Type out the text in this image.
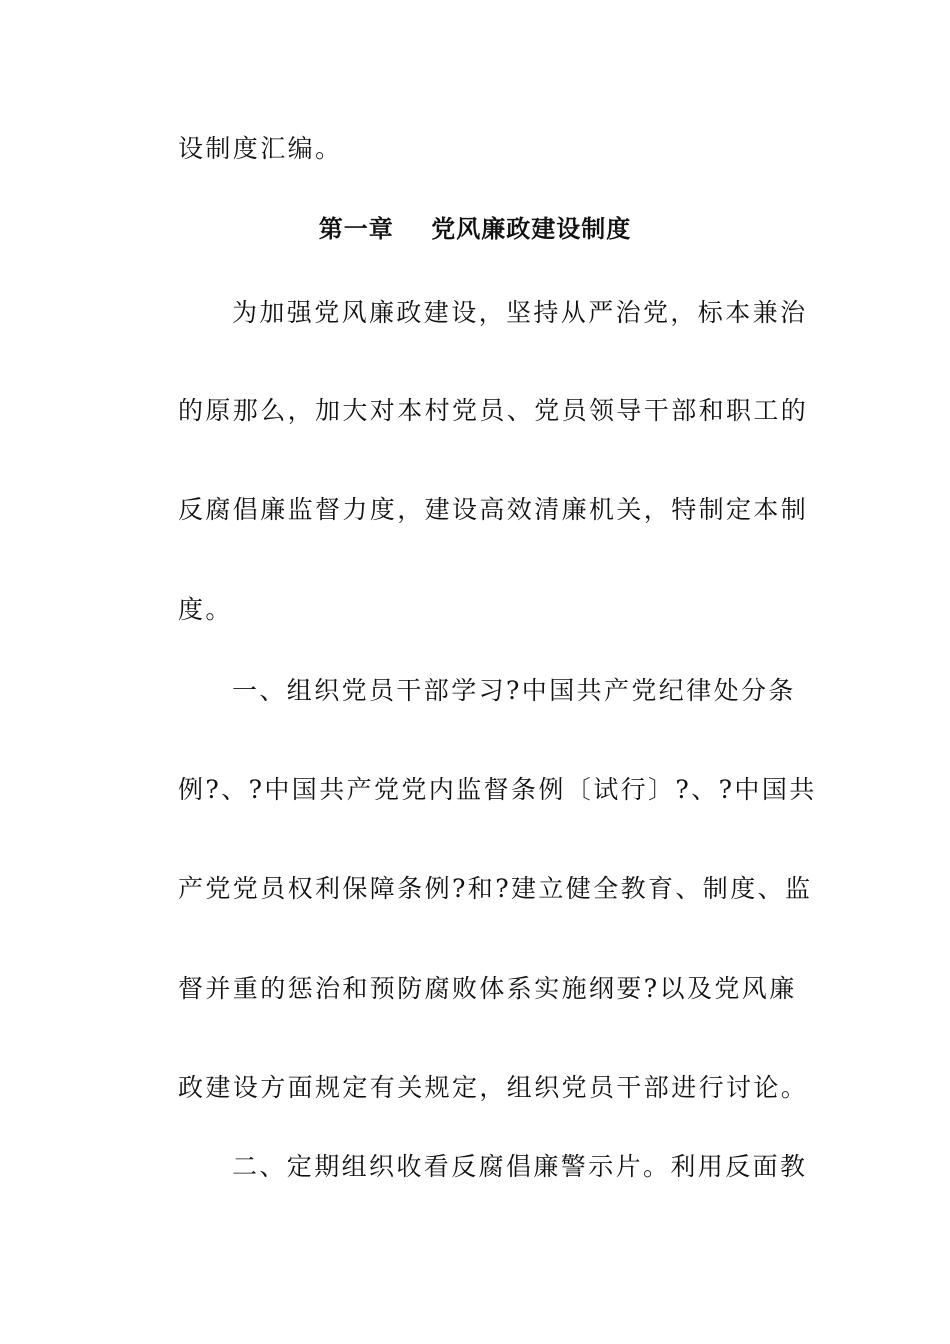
设制度汇编。

第一章    党风廉政建设制度

为加强党风廉政建设，坚持从严治党，标本兼治

的原那么，加大对本村党员、党员领导干部和职工的

反腐倡廉监督力度，建设高效清廉机关，特制定本制

度。

一、组织党员干部学习?中国共产党纪律处分条

例?、?中国共产党党内监督条例〔试行〕?、?中国共

产党党员权利保障条例?和?建立健全教育、制度、监

督并重的惩治和预防腐败体系实施纲要?以及党风廉

政建设方面规定有关规定，组织党员干部进行讨论。

二、定期组织收看反腐倡廉警示片。利用反面教
